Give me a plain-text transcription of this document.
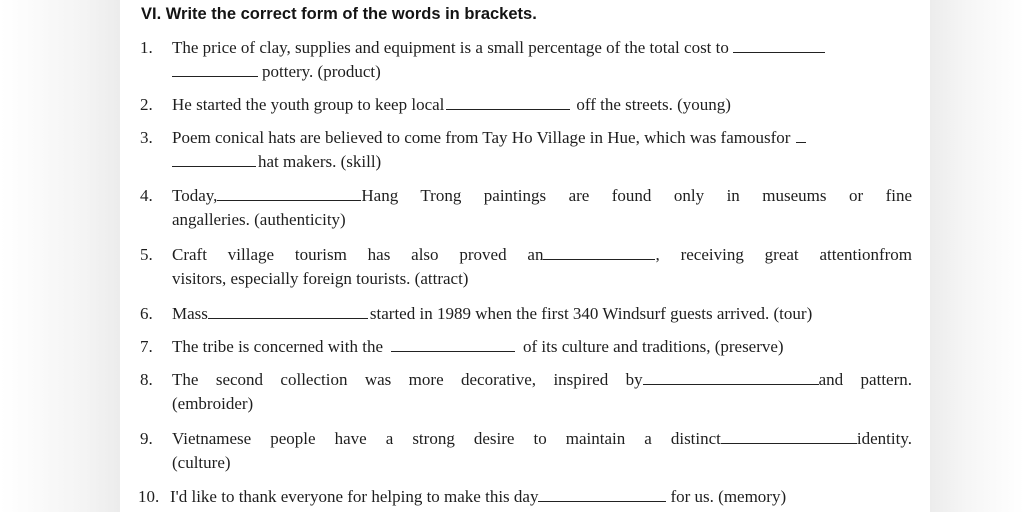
VI. Write the correct form of the words in brackets.
1.	The price of clay, supplies and equipment is a small percentage of the total cost to
pottery. (product)
2.	He started the youth group to keep local	off the streets. (young)
3.	Poem conical hats are believed to come from Tay Ho Village in Hue, which was famousfor
hat makers. (skill)
4.	Today,	Hang Trong paintings are found only in museums or fine
angalleries. (authenticity)
5.	Craft village tourism has also proved an	, receiving great attentionfrom
visitors, especially foreign tourists. (attract)
6.	Mass	started in 1989 when the first 340 Windsurf guests arrived. (tour)
7.	The tribe is concerned with the	of its culture and traditions, (preserve)
8.	The second collection was more decorative, inspired by	and pattern.
(embroider)
9.	Vietnamese people have a strong desire to maintain a distinct	identity.
(culture)
10. I'd like to thank everyone for helping to make this day	for us. (memory)
